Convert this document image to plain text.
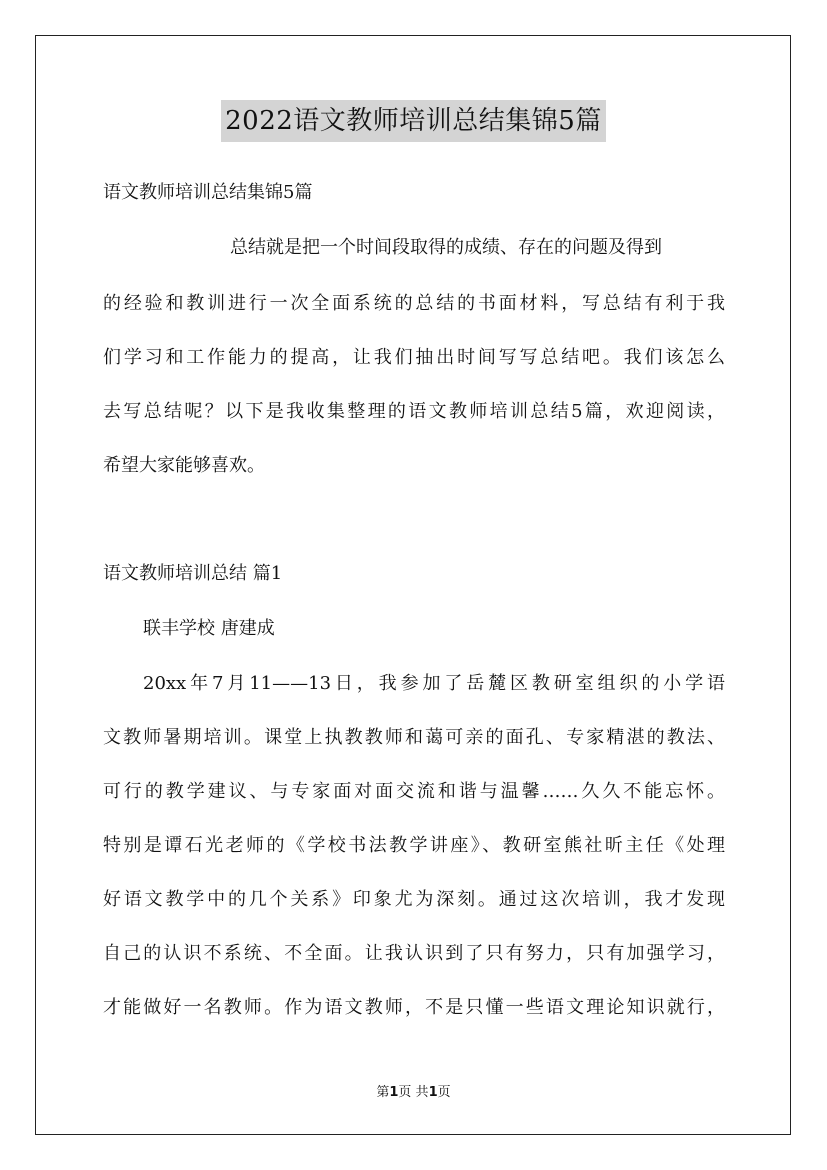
2022语文教师培训总结集锦5篇
语文教师培训总结集锦5篇
总结就是把一个时间段取得的成绩、存在的问题及得到
的经验和教训进行一次全面系统的总结的书面材料，写总结有利于我
们学习和工作能力的提高，让我们抽出时间写写总结吧。我们该怎么
去写总结呢？以下是我收集整理的语文教师培训总结5篇，欢迎阅读，
希望大家能够喜欢。
语文教师培训总结 篇1
联丰学校 唐建成
20xx年7月11——13日，我参加了岳麓区教研室组织的小学语
文教师暑期培训。课堂上执教教师和蔼可亲的面孔、专家精湛的教法、
可行的教学建议、与专家面对面交流和谐与温馨……久久不能忘怀。
特别是谭石光老师的《学校书法教学讲座》、教研室熊社昕主任《处理
好语文教学中的几个关系》印象尤为深刻。通过这次培训，我才发现
自己的认识不系统、不全面。让我认识到了只有努力，只有加强学习，
才能做好一名教师。作为语文教师，不是只懂一些语文理论知识就行，
第1页 共1页
